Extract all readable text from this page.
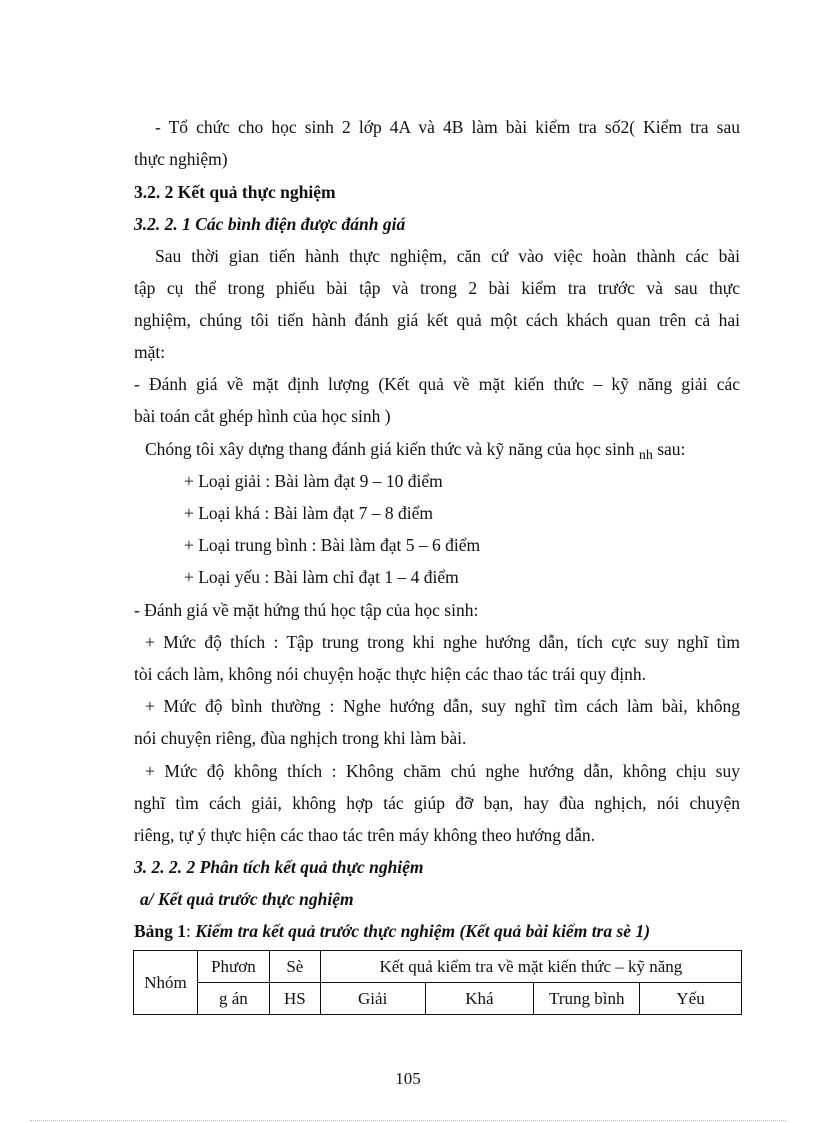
- Tổ chức cho học sinh 2 lớp 4A và 4B làm bài kiểm tra số2( Kiểm tra sau
thực nghiệm)
3.2. 2 Kết quả thực nghiệm
3.2. 2. 1 Các bình điện được đánh giá
Sau thời gian tiến hành thực nghiệm, căn cứ vào việc hoàn thành các bài
tập cụ thể trong phiếu bài tập và trong 2 bài kiểm tra trước và sau thực
nghiệm, chúng tôi tiến hành đánh giá kết quả một cách khách quan trên cả hai
mặt:
- Đánh giá về mặt định lượng (Kết quả về mặt kiến thức – kỹ năng giải các
bài toán cắt ghép hình của học sinh )
Chóng tôi xây dựng thang đánh giá kiến thức và kỹ năng của học sinh $_{nh}$ sau:
+ Loại giải : Bài làm đạt 9 – 10 điểm
+ Loại khá : Bài làm đạt 7 – 8 điểm
+ Loại trung bình : Bài làm đạt 5 – 6 điểm
+ Loại yếu : Bài làm chỉ đạt 1 – 4 điểm
- Đánh giá về mặt hứng thú học tập của học sinh:
+ Mức độ thích : Tập trung trong khi nghe hướng dẫn, tích cực suy nghĩ tìm
tòi cách làm, không nói chuyện hoặc thực hiện các thao tác trái quy định.
+ Mức độ bình thường : Nghe hướng dẫn, suy nghĩ tìm cách làm bài, không
nói chuyện riêng, đùa nghịch trong khi làm bài.
+ Mức độ không thích : Không chăm chú nghe hướng dẫn, không chịu suy
nghĩ tìm cách giải, không hợp tác giúp đỡ bạn, hay đùa nghịch, nói chuyện
riêng, tự ý thực hiện các thao tác trên máy không theo hướng dẫn.
3. 2. 2. 2 Phân tích kết quả thực nghiệm
a/ Kết quả trước thực nghiệm
Bảng 1: Kiểm tra kết quả trước thực nghiệm (Kết quả bài kiểm tra sè 1)
Nhóm	Phươn	Sè	Kết quả kiểm tra về mặt kiến thức – kỹ năng			
	g án	HS	Giải	Khá	Trung bình	Yếu
105
